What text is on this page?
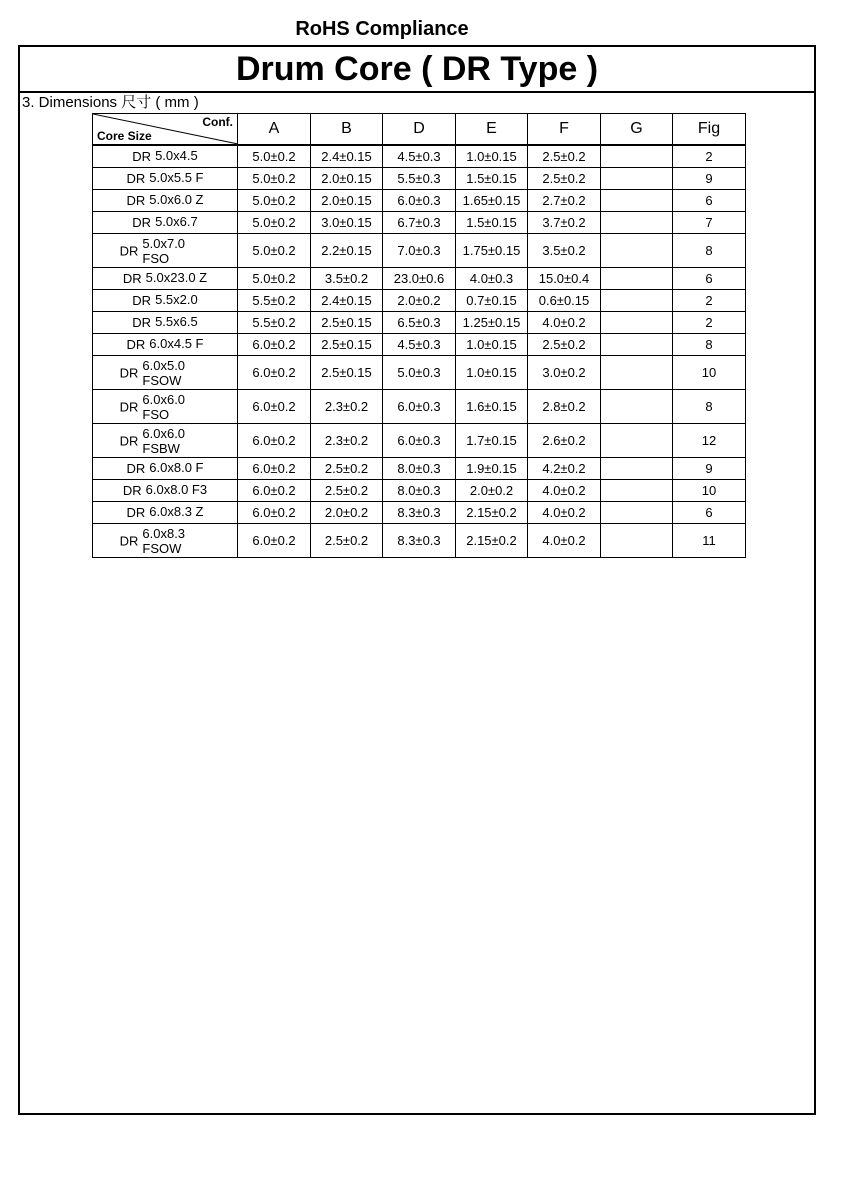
RoHS Compliance
Drum Core ( DR Type )
3. Dimensions 尺寸 ( mm )
Conf.
Core Size	A	B	D	E	F	G	Fig
DR 5.0x4.5	5.0±0.2	2.4±0.15	4.5±0.3	1.0±0.15	2.5±0.2		2
DR 5.0x5.5 F	5.0±0.2	2.0±0.15	5.5±0.3	1.5±0.15	2.5±0.2		9
DR 5.0x6.0 Z	5.0±0.2	2.0±0.15	6.0±0.3	1.65±0.15	2.7±0.2		6
DR 5.0x6.7	5.0±0.2	3.0±0.15	6.7±0.3	1.5±0.15	3.7±0.2		7
DR 5.0x7.0
FSO	5.0±0.2	2.2±0.15	7.0±0.3	1.75±0.15	3.5±0.2		8
DR 5.0x23.0 Z	5.0±0.2	3.5±0.2	23.0±0.6	4.0±0.3	15.0±0.4		6
DR 5.5x2.0	5.5±0.2	2.4±0.15	2.0±0.2	0.7±0.15	0.6±0.15		2
DR 5.5x6.5	5.5±0.2	2.5±0.15	6.5±0.3	1.25±0.15	4.0±0.2		2
DR 6.0x4.5 F	6.0±0.2	2.5±0.15	4.5±0.3	1.0±0.15	2.5±0.2		8
DR 6.0x5.0
FSOW	6.0±0.2	2.5±0.15	5.0±0.3	1.0±0.15	3.0±0.2		10
DR 6.0x6.0
FSO	6.0±0.2	2.3±0.2	6.0±0.3	1.6±0.15	2.8±0.2		8
DR 6.0x6.0
FSBW	6.0±0.2	2.3±0.2	6.0±0.3	1.7±0.15	2.6±0.2		12
DR 6.0x8.0 F	6.0±0.2	2.5±0.2	8.0±0.3	1.9±0.15	4.2±0.2		9
DR 6.0x8.0 F3	6.0±0.2	2.5±0.2	8.0±0.3	2.0±0.2	4.0±0.2		10
DR 6.0x8.3 Z	6.0±0.2	2.0±0.2	8.3±0.3	2.15±0.2	4.0±0.2		6
DR 6.0x8.3
FSOW	6.0±0.2	2.5±0.2	8.3±0.3	2.15±0.2	4.0±0.2		11
